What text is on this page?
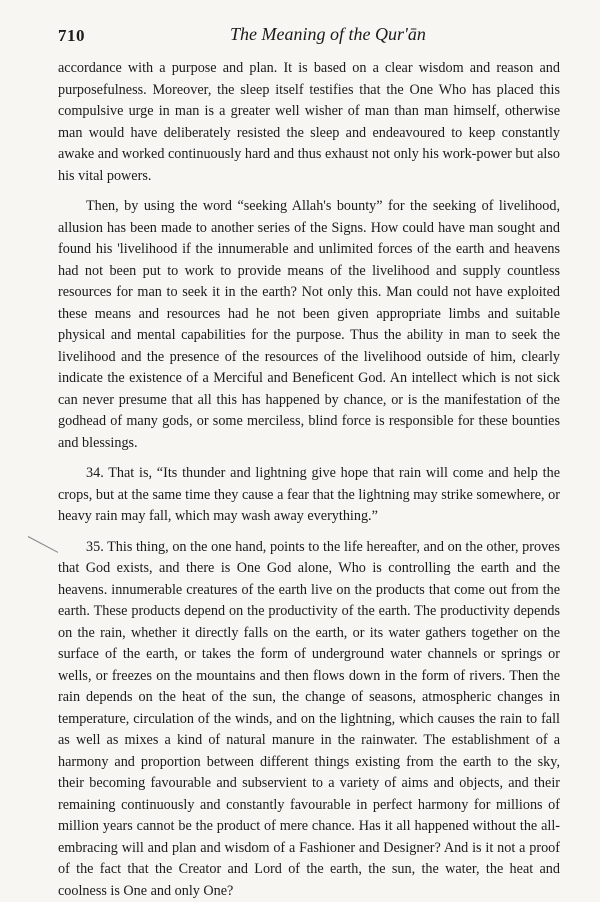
710	The Meaning of the Qur'ān

accordance with a purpose and plan. It is based on a clear wisdom and reason and purposefulness. Moreover, the sleep itself testifies that the One Who has placed this compulsive urge in man is a greater well wisher of man than man himself, otherwise man would have deliberately resisted the sleep and endeavoured to keep constantly awake and worked continuously hard and thus exhaust not only his work-power but also his vital powers.

Then, by using the word “seeking Allah's bounty” for the seeking of livelihood, allusion has been made to another series of the Signs. How could have man sought and found his 'livelihood if the innumerable and unlimited forces of the earth and heavens had not been put to work to provide means of the livelihood and supply countless resources for man to seek it in the earth? Not only this. Man could not have exploited these means and resources had he not been given appropriate limbs and suitable physical and mental capabilities for the purpose. Thus the ability in man to seek the livelihood and the presence of the resources of the livelihood outside of him, clearly indicate the existence of a Merciful and Beneficent God. An intellect which is not sick can never presume that all this has happened by chance, or is the manifestation of the godhead of many gods, or some merciless, blind force is responsible for these bounties and blessings.

34. That is, “Its thunder and lightning give hope that rain will come and help the crops, but at the same time they cause a fear that the lightning may strike somewhere, or heavy rain may fall, which may wash away everything.”

35. This thing, on the one hand, points to the life hereafter, and on the other, proves that God exists, and there is One God alone, Who is controlling the earth and the heavens. innumerable creatures of the earth live on the products that come out from the earth. These products depend on the productivity of the earth. The productivity depends on the rain, whether it directly falls on the earth, or its water gathers together on the surface of the earth, or takes the form of underground water channels or springs or wells, or freezes on the mountains and then flows down in the form of rivers. Then the rain depends on the heat of the sun, the change of seasons, atmospheric changes in temperature, circulation of the winds, and on the lightning, which causes the rain to fall as well as mixes a kind of natural manure in the rainwater. The establishment of a harmony and proportion between different things existing from the earth to the sky, their becoming favourable and subservient to a variety of aims and objects, and their remaining continuously and constantly favourable in perfect harmony for millions of million years cannot be the product of mere chance. Has it all happened without the all-embracing will and plan and wisdom of a Fashioner and Designer? And is it not a proof of the fact that the Creator and Lord of the earth, the sun, the water, the heat and coolness is One and only One?
